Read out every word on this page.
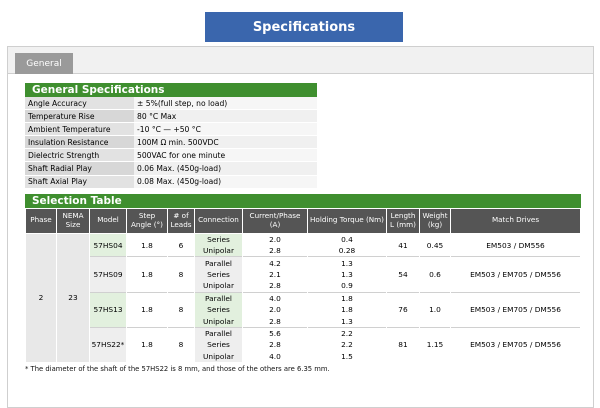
Specifications
General
General Specifications
Angle Accuracy	± 5%(full step, no load)
Temperature Rise	80 °C Max
Ambient Temperature	-10 °C — +50 °C
Insulation Resistance	100M Ω min. 500VDC
Dielectric Strength	500VAC for one minute
Shaft Radial Play	0.06 Max. (450g-load)
Shaft Axial Play	0.08 Max. (450g-load)
Selection Table
Phase	NEMA Size	Model	Step Angle (°)	# of Leads	Connection	Current/Phase (A)	Holding Torque (Nm)	Length L (mm)	Weight (kg)	Match Drives
2	23	57HS04	1.8	6	Series	2.0	0.4	41	0.45	EM503 / DM556
					Unipolar	2.8	0.28			
		57HS09	1.8	8	Parallel	4.2	1.3	54	0.6	EM503 / EM705 / DM556
					Series	2.1	1.3			
					Unipolar	2.8	0.9			
		57HS13	1.8	8	Parallel	4.0	1.8	76	1.0	EM503 / EM705 / DM556
					Series	2.0	1.8			
					Unipolar	2.8	1.3			
		57HS22*	1.8	8	Parallel	5.6	2.2	81	1.15	EM503 / EM705 / DM556
					Series	2.8	2.2			
					Unipolar	4.0	1.5			
* The diameter of the shaft of the 57HS22 is 8 mm, and those of the others are 6.35 mm.
